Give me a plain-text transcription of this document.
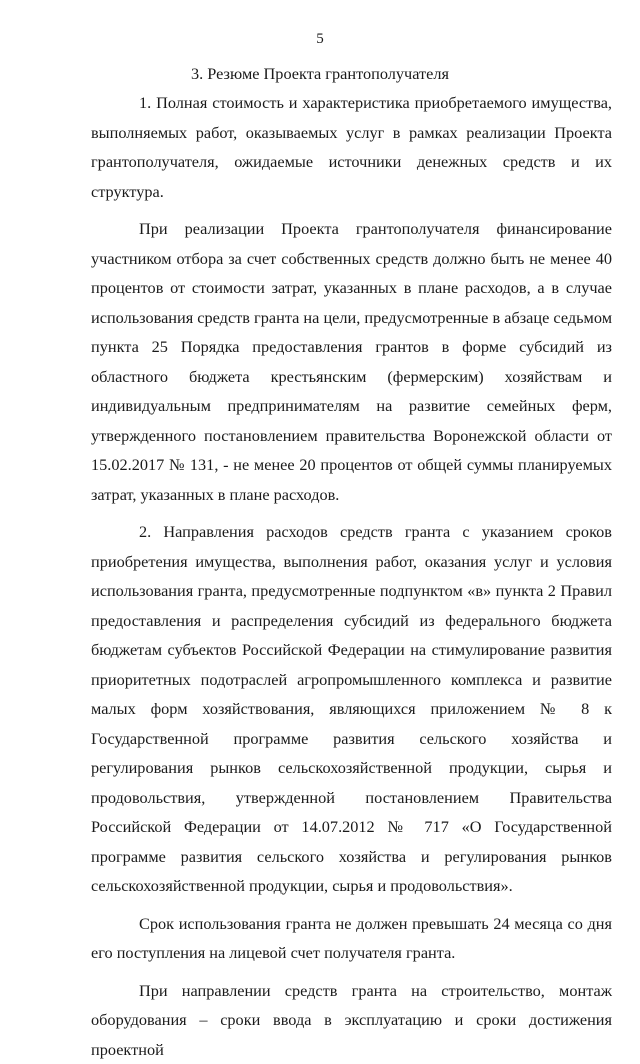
5
3. Резюме Проекта грантополучателя

1. Полная стоимость и характеристика приобретаемого имущества, выполняемых работ, оказываемых услуг в рамках реализации Проекта грантополучателя, ожидаемые источники денежных средств и их структура.

При реализации Проекта грантополучателя финансирование участником отбора за счет собственных средств должно быть не менее 40 процентов от стоимости затрат, указанных в плане расходов, а в случае использования средств гранта на цели, предусмотренные в абзаце седьмом пункта 25 Порядка предоставления грантов в форме субсидий из областного бюджета крестьянским (фермерским) хозяйствам и индивидуальным предпринимателям на развитие семейных ферм, утвержденного постановлением правительства Воронежской области от 15.02.2017 № 131, - не менее 20 процентов от общей суммы планируемых затрат, указанных в плане расходов.

2. Направления расходов средств гранта с указанием сроков приобретения имущества, выполнения работ, оказания услуг и условия использования гранта, предусмотренные подпунктом «в» пункта 2 Правил предоставления и распределения субсидий из федерального бюджета бюджетам субъектов Российской Федерации на стимулирование развития приоритетных подотраслей агропромышленного комплекса и развитие малых форм хозяйствования, являющихся приложением № 8 к Государственной программе развития сельского хозяйства и регулирования рынков сельскохозяйственной продукции, сырья и продовольствия, утвержденной постановлением Правительства Российской Федерации от 14.07.2012 № 717 «О Государственной программе развития сельского хозяйства и регулирования рынков сельскохозяйственной продукции, сырья и продовольствия».

Срок использования гранта не должен превышать 24 месяца со дня его поступления на лицевой счет получателя гранта.

При направлении средств гранта на строительство, монтаж оборудования – сроки ввода в эксплуатацию и сроки достижения проектной
